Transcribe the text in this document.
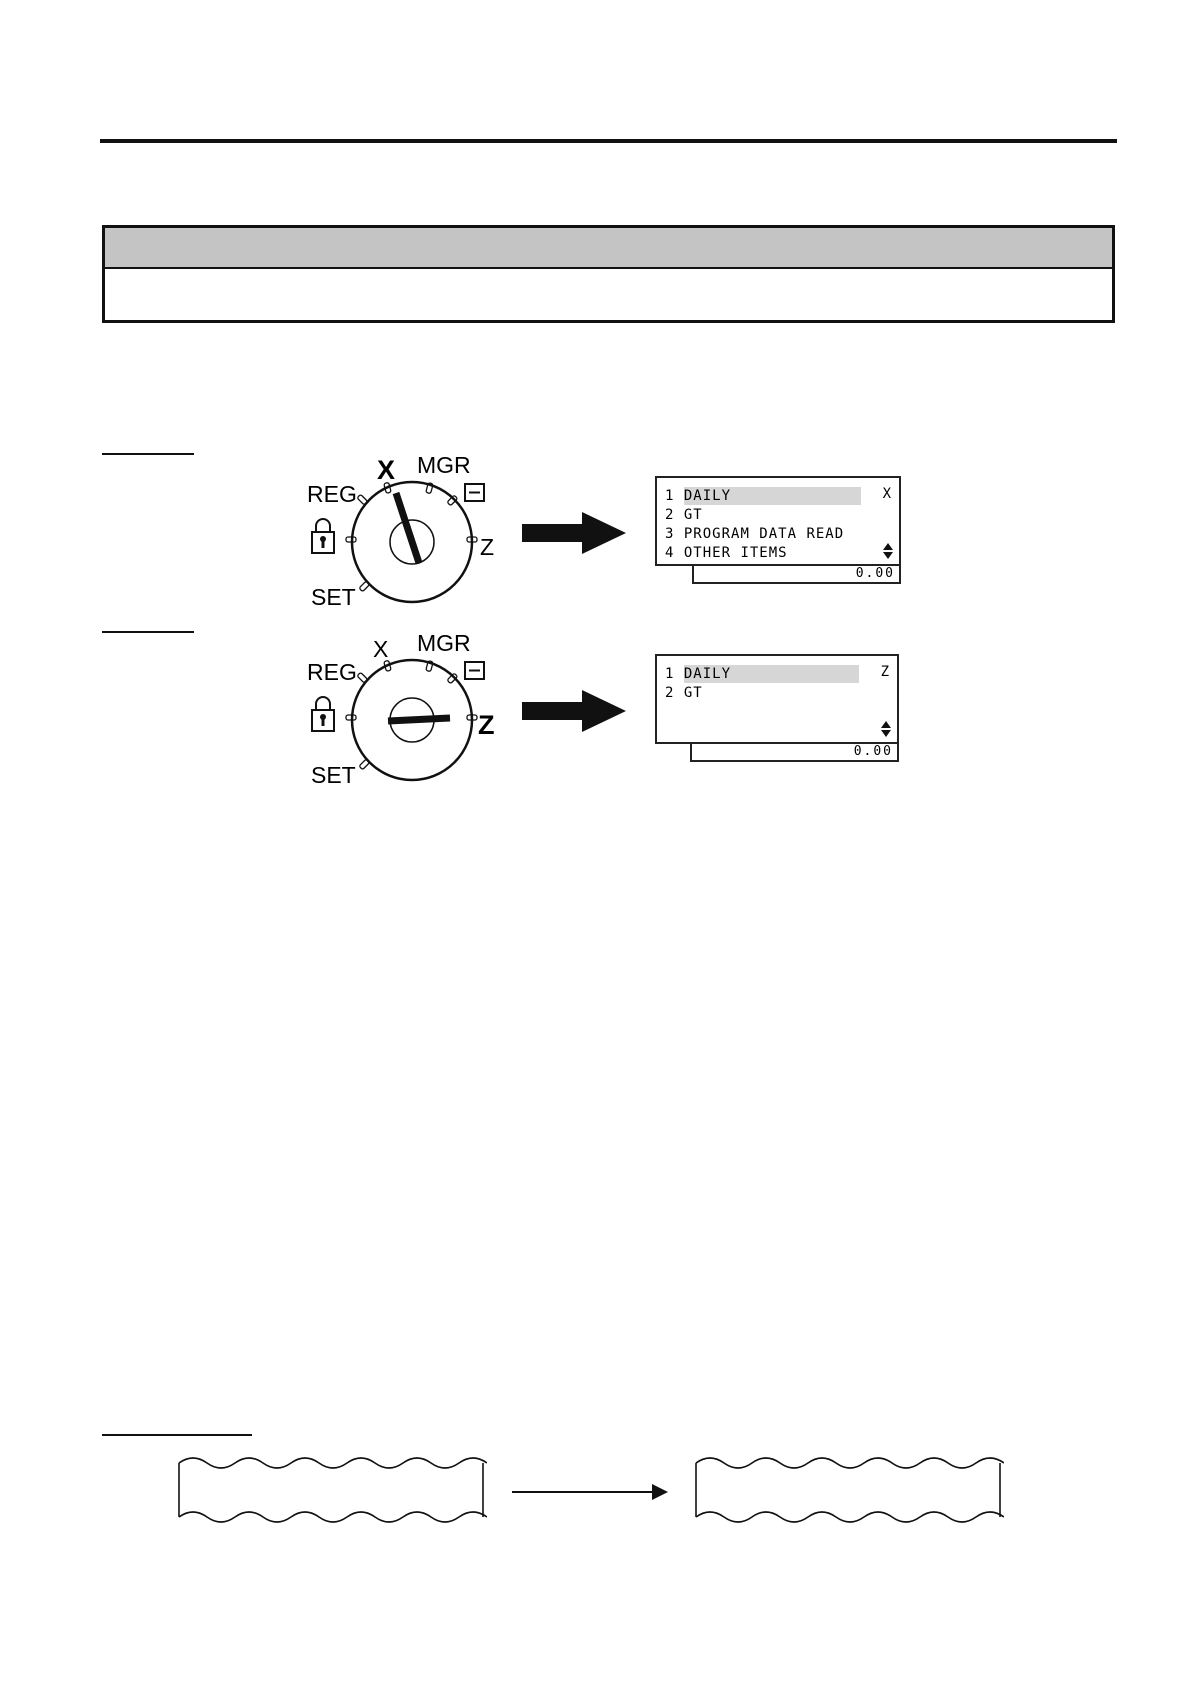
X MGR
REG
Z
SET
1 DAILY
2 GT
3 PROGRAM DATA READ
4 OTHER ITEMS
X
0.00
X MGR
REG
Z
SET
1 DAILY
2 GT
Z
0.00
